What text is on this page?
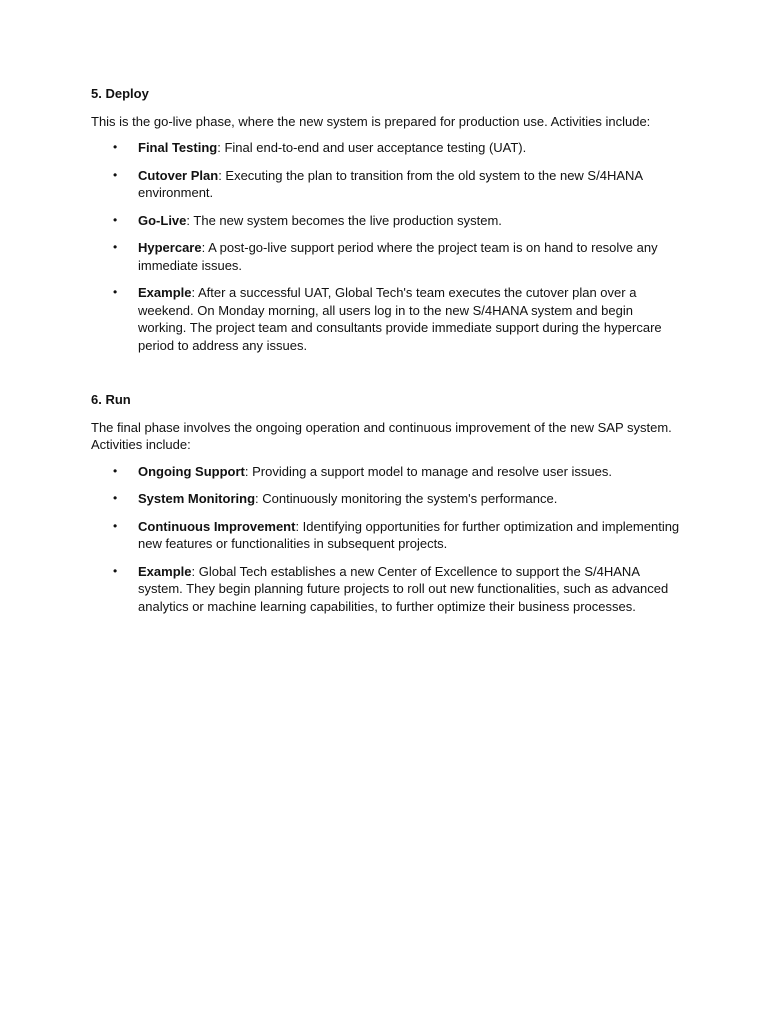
5. Deploy
This is the go-live phase, where the new system is prepared for production use. Activities include:
• Final Testing: Final end-to-end and user acceptance testing (UAT).
• Cutover Plan: Executing the plan to transition from the old system to the new S/4HANA environment.
• Go-Live: The new system becomes the live production system.
• Hypercare: A post-go-live support period where the project team is on hand to resolve any immediate issues.
• Example: After a successful UAT, Global Tech's team executes the cutover plan over a weekend. On Monday morning, all users log in to the new S/4HANA system and begin working. The project team and consultants provide immediate support during the hypercare period to address any issues.
6. Run
The final phase involves the ongoing operation and continuous improvement of the new SAP system. Activities include:
• Ongoing Support: Providing a support model to manage and resolve user issues.
• System Monitoring: Continuously monitoring the system's performance.
• Continuous Improvement: Identifying opportunities for further optimization and implementing new features or functionalities in subsequent projects.
• Example: Global Tech establishes a new Center of Excellence to support the S/4HANA system. They begin planning future projects to roll out new functionalities, such as advanced analytics or machine learning capabilities, to further optimize their business processes.
